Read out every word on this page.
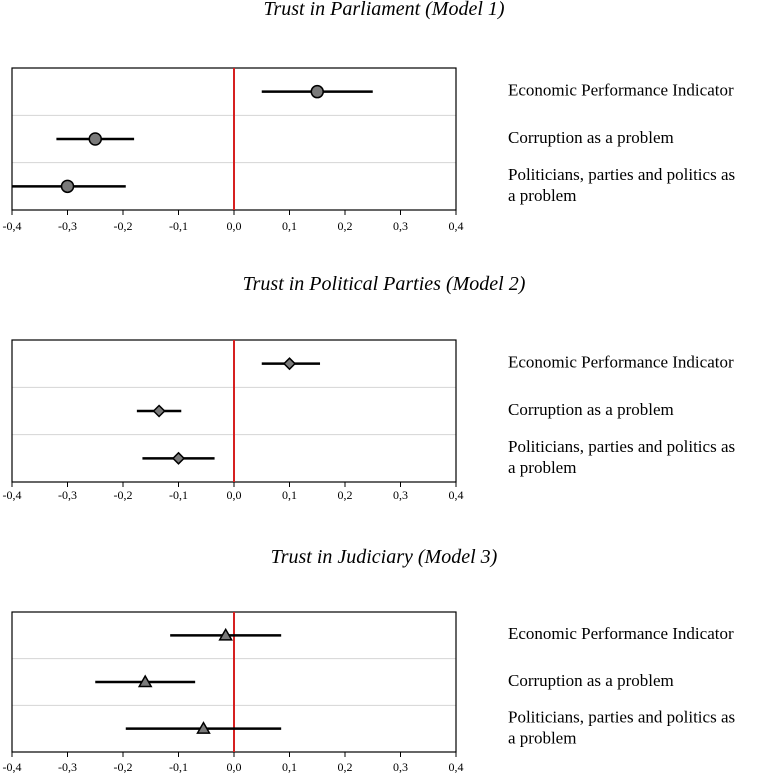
Trust in Parliament (Model 1)
-0,4	-0,3	-0,2	-0,1	0,0	0,1	0,2	0,3	0,4
Economic Performance Indicator
Corruption as a problem
Politicians, parties and politics as
a problem
Trust in Political Parties (Model 2)
-0,4	-0,3	-0,2	-0,1	0,0	0,1	0,2	0,3	0,4
Economic Performance Indicator
Corruption as a problem
Politicians, parties and politics as
a problem
Trust in Judiciary (Model 3)
-0,4	-0,3	-0,2	-0,1	0,0	0,1	0,2	0,3	0,4
Economic Performance Indicator
Corruption as a problem
Politicians, parties and politics as
a problem
